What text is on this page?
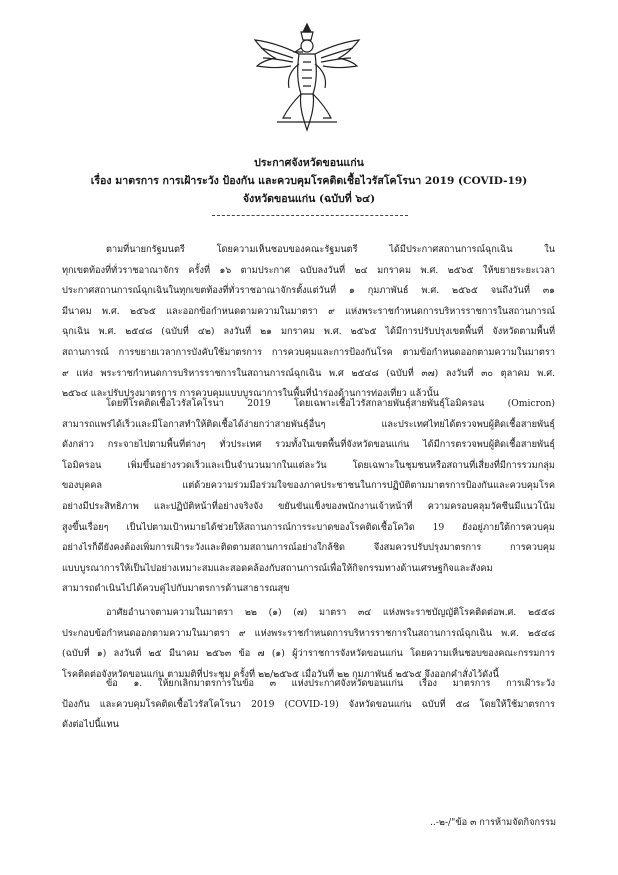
ประกาศจังหวัดขอนแก่น
เรื่อง มาตรการ การเฝ้าระวัง ป้องกัน และควบคุมโรคติดเชื้อไวรัสโคโรนา 2019 (COVID-19)
จังหวัดขอนแก่น (ฉบับที่ ๖๔)
ตามที่นายกรัฐมนตรี โดยความเห็นชอบของคณะรัฐมนตรี ได้มีประกาศสถานการณ์ฉุกเฉิน ใน
ทุกเขตท้องที่ทั่วราชอาณาจักร ครั้งที่ ๑๖ ตามประกาศ ฉบับลงวันที่ ๒๔ มกราคม พ.ศ. ๒๕๖๕ ให้ขยายระยะเวลา
ประกาศสถานการณ์ฉุกเฉินในทุกเขตท้องที่ทั่วราชอาณาจักรตั้งแต่วันที่ ๑ กุมภาพันธ์ พ.ศ. ๒๕๖๕ จนถึงวันที่ ๓๑
มีนาคม พ.ศ. ๒๕๖๕ และออกข้อกำหนดตามความในมาตรา ๙ แห่งพระราชกำหนดการบริหารราชการในสถานการณ์
ฉุกเฉิน พ.ศ. ๒๕๔๘ (ฉบับที่ ๔๒) ลงวันที่ ๒๑ มกราคม พ.ศ. ๒๕๖๕ ได้มีการปรับปรุงเขตพื้นที่ จังหวัดตามพื้นที่
สถานการณ์ การขยายเวลาการบังคับใช้มาตรการ การควบคุมและการป้องกันโรค ตามข้อกำหนดออกตามความในมาตรา
๙ แห่ง พระราชกำหนดการบริหารราชการในสถานการณ์ฉุกเฉิน พ.ศ ๒๕๔๘ (ฉบับที่ ๓๗) ลงวันที่ ๓๐ ตุลาคม พ.ศ.
๒๕๖๔ และปรับปรุงมาตรการ การควบคุมแบบบูรณาการในพื้นที่นำร่องด้านการท่องเที่ยว แล้วนั้น
โดยที่โรคติดเชื้อไวรัสโคโรนา 2019 โดยเฉพาะเชื้อไวรัสกลายพันธุ์สายพันธุ์โอมิครอน (Omicron)
สามารถแพร่ได้เร็วและมีโอกาสทำให้ติดเชื้อได้ง่ายกว่าสายพันธุ์อื่นๆ และประเทศไทยได้ตรวจพบผู้ติดเชื้อสายพันธุ์
ดังกล่าว กระจายไปตามพื้นที่ต่างๆ ทั่วประเทศ รวมทั้งในเขตพื้นที่จังหวัดขอนแก่น ได้มีการตรวจพบผู้ติดเชื้อสายพันธุ์
โอมิครอน เพิ่มขึ้นอย่างรวดเร็วและเป็นจำนวนมากในแต่ละวัน โดยเฉพาะในชุมชนหรือสถานที่เสี่ยงที่มีการรวมกลุ่ม
ของบุคคล แต่ด้วยความร่วมมือร่วมใจของภาคประชาชนในการปฏิบัติตามมาตรการป้องกันและควบคุมโรค
อย่างมีประสิทธิภาพ และปฏิบัติหน้าที่อย่างจริงจัง ขยันขันแข็งของพนักงานเจ้าหน้าที่ ความครอบคลุมวัคซีนมีแนวโน้ม
สูงขึ้นเรื่อยๆ เป็นไปตามเป้าหมายได้ช่วยให้สถานการณ์การระบาดของโรคติดเชื้อโควิด 19 ยังอยู่ภายใต้การควบคุม
อย่างไรก็ดียังคงต้องเพิ่มการเฝ้าระวังและติดตามสถานการณ์อย่างใกล้ชิด จึงสมควรปรับปรุงมาตรการ การควบคุม
แบบบูรณาการให้เป็นไปอย่างเหมาะสมและสอดคล้องกับสถานการณ์เพื่อให้กิจกรรมทางด้านเศรษฐกิจและสังคม
สามารถดำเนินไปได้ควบคู่ไปกับมาตรการด้านสาธารณสุข
อาศัยอำนาจตามความในมาตรา ๒๒ (๑) (๗) มาตรา ๓๔ แห่งพระราชบัญญัติโรคติดต่อพ.ศ. ๒๕๕๘
ประกอบข้อกำหนดออกตามความในมาตรา ๙ แห่งพระราชกำหนดการบริหารราชการในสถานการณ์ฉุกเฉิน พ.ศ. ๒๕๔๘
(ฉบับที่ ๑) ลงวันที่ ๒๕ มีนาคม ๒๕๖๓ ข้อ ๗ (๑) ผู้ว่าราชการจังหวัดขอนแก่น โดยความเห็นชอบของคณะกรรมการ
โรคติดต่อจังหวัดขอนแก่น ตามมติที่ประชุม ครั้งที่ ๒๒/๒๕๖๕ เมื่อวันที่ ๒๒ กุมภาพันธ์ ๒๕๖๕ จึงออกคำสั่งไว้ดังนี้
ข้อ ๑. ให้ยกเลิกมาตรการในข้อ ๓ แห่งประกาศจังหวัดขอนแก่น เรื่อง มาตรการ การเฝ้าระวัง
ป้องกัน และควบคุมโรคติดเชื้อไวรัสโคโรนา 2019 (COVID-19) จังหวัดขอนแก่น ฉบับที่ ๕๘ โดยให้ใช้มาตรการ
ดังต่อไปนี้แทน
..-๒-/"ข้อ ๓ การห้ามจัดกิจกรรม
